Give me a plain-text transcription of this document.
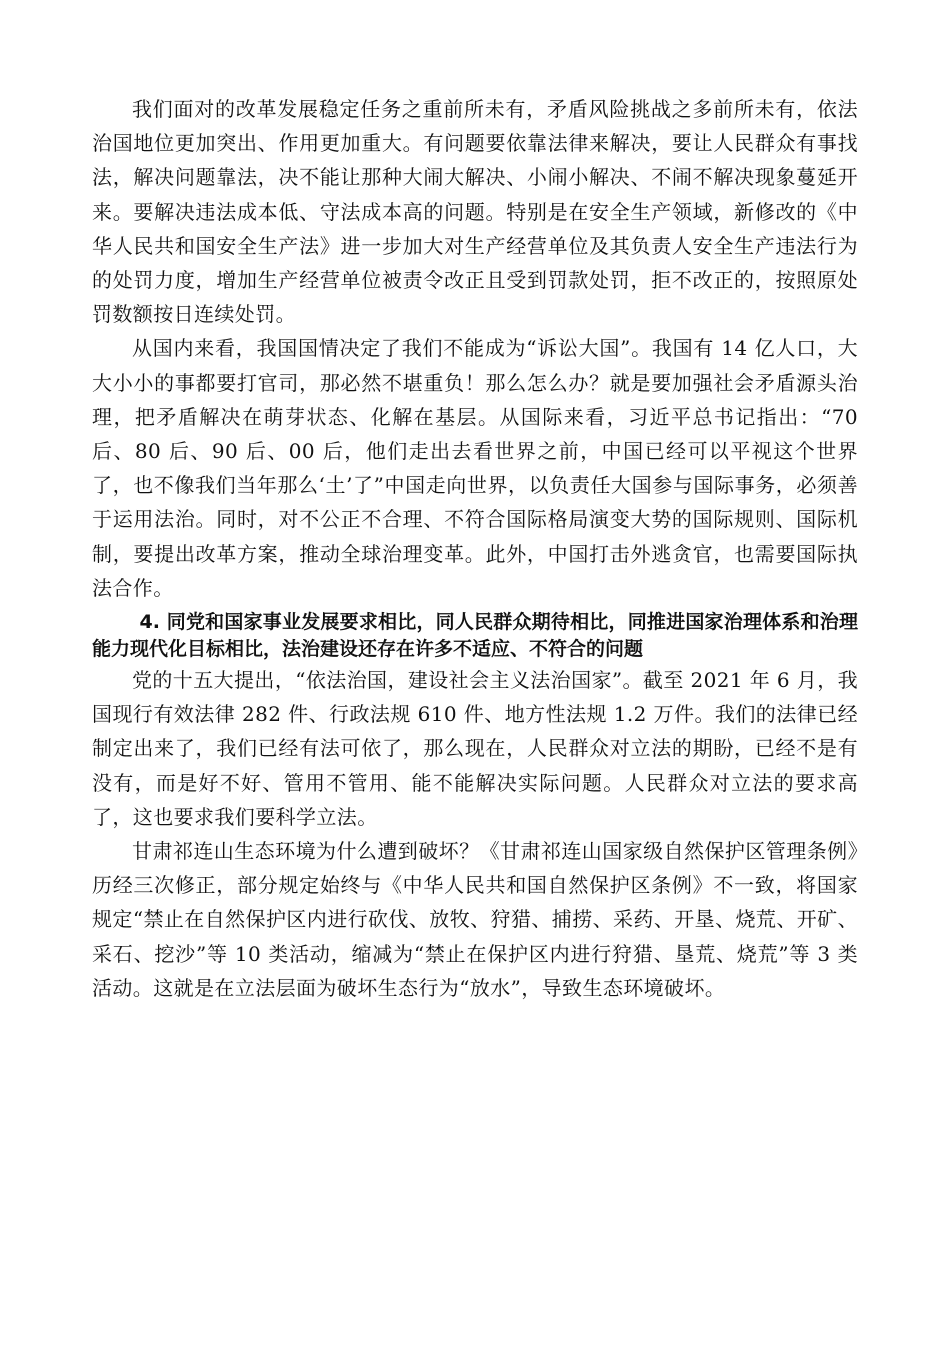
我们面对的改革发展稳定任务之重前所未有，矛盾风险挑战之多前所未有，依法治国地位更加突出、作用更加重大。有问题要依靠法律来解决，要让人民群众有事找法，解决问题靠法，决不能让那种大闹大解决、小闹小解决、不闹不解决现象蔓延开来。要解决违法成本低、守法成本高的问题。特别是在安全生产领域，新修改的《中华人民共和国安全生产法》进一步加大对生产经营单位及其负责人安全生产违法行为的处罚力度，增加生产经营单位被责令改正且受到罚款处罚，拒不改正的，按照原处罚数额按日连续处罚。

从国内来看，我国国情决定了我们不能成为“诉讼大国”。我国有 14 亿人口，大大小小的事都要打官司，那必然不堪重负！那么怎么办？就是要加强社会矛盾源头治理，把矛盾解决在萌芽状态、化解在基层。从国际来看，习近平总书记指出：“70 后、80 后、90 后、00 后，他们走出去看世界之前，中国已经可以平视这个世界了，也不像我们当年那么‘土’了”中国走向世界，以负责任大国参与国际事务，必须善于运用法治。同时，对不公正不合理、不符合国际格局演变大势的国际规则、国际机制，要提出改革方案，推动全球治理变革。此外，中国打击外逃贪官，也需要国际执法合作。

4. 同党和国家事业发展要求相比，同人民群众期待相比，同推进国家治理体系和治理能力现代化目标相比，法治建设还存在许多不适应、不符合的问题

党的十五大提出，“依法治国，建设社会主义法治国家”。截至 2021 年 6 月，我国现行有效法律 282 件、行政法规 610 件、地方性法规 1.2 万件。我们的法律已经制定出来了，我们已经有法可依了，那么现在，人民群众对立法的期盼，已经不是有没有，而是好不好、管用不管用、能不能解决实际问题。人民群众对立法的要求高了，这也要求我们要科学立法。

甘肃祁连山生态环境为什么遭到破坏？《甘肃祁连山国家级自然保护区管理条例》历经三次修正，部分规定始终与《中华人民共和国自然保护区条例》不一致，将国家规定“禁止在自然保护区内进行砍伐、放牧、狩猎、捕捞、采药、开垦、烧荒、开矿、采石、挖沙”等 10 类活动，缩减为“禁止在保护区内进行狩猎、垦荒、烧荒”等 3 类活动。这就是在立法层面为破坏生态行为“放水”，导致生态环境破坏。
